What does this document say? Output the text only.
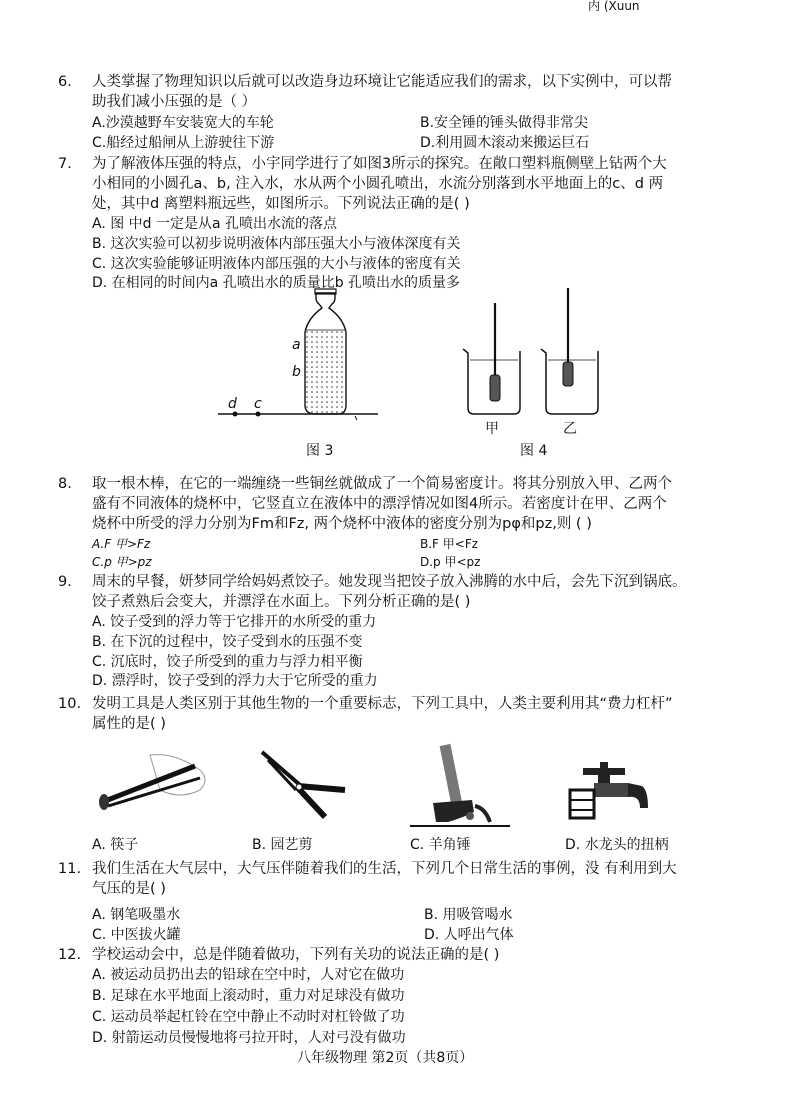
内 (Xuun
6. 人类掌握了物理知识以后就可以改造身边环境让它能适应我们的需求，以下实例中，可以帮
助我们减小压强的是（ ）
A.沙漠越野车安装宽大的车轮	B.安全锤的锤头做得非常尖
C.船经过船闸从上游驶往下游	D.利用圆木滚动来搬运巨石
7. 为了解液体压强的特点，小宇同学进行了如图3所示的探究。在敞口塑料瓶侧壁上钻两个大
小相同的小圆孔a、b, 注入水，水从两个小圆孔喷出，水流分别落到水平地面上的c、d 两
处，其中d 离塑料瓶远些，如图所示。下列说法正确的是( )
A. 图 中d 一定是从a 孔喷出水流的落点
B. 这次实验可以初步说明液体内部压强大小与液体深度有关
C. 这次实验能够证明液体内部压强的大小与液体的密度有关
D. 在相同的时间内a 孔喷出水的质量比b 孔喷出水的质量多
a
b
d c
图 3
甲	乙
图 4
8. 取一根木棒，在它的一端缠绕一些铜丝就做成了一个简易密度计。将其分别放入甲、乙两个
盛有不同液体的烧杯中，它竖直立在液体中的漂浮情况如图4所示。若密度计在甲、乙两个
烧杯中所受的浮力分别为Fm和Fz, 两个烧杯中液体的密度分别为pφ和pz,则 ( )
A.F 甲>Fz	B.F 甲<Fz
C.p 甲>pz	D.p 甲<pz
9. 周末的早餐，妍梦同学给妈妈煮饺子。她发现当把饺子放入沸腾的水中后，会先下沉到锅底。
饺子煮熟后会变大，并漂浮在水面上。下列分析正确的是( )
A. 饺子受到的浮力等于它排开的水所受的重力
B. 在下沉的过程中，饺子受到水的压强不变
C. 沉底时，饺子所受到的重力与浮力相平衡
D. 漂浮时，饺子受到的浮力大于它所受的重力
10. 发明工具是人类区别于其他生物的一个重要标志，下列工具中，人类主要利用其“费力杠杆”
属性的是( )
A. 筷子	B. 园艺剪	C. 羊角锤	D. 水龙头的扭柄
11. 我们生活在大气层中，大气压伴随着我们的生活，下列几个日常生活的事例，没 有利用到大
气压的是( )
A. 钢笔吸墨水	B. 用吸管喝水
C. 中医拔火罐	D. 人呼出气体
12. 学校运动会中，总是伴随着做功，下列有关功的说法正确的是( )
A. 被运动员扔出去的铅球在空中时，人对它在做功
B. 足球在水平地面上滚动时，重力对足球没有做功
C. 运动员举起杠铃在空中静止不动时对杠铃做了功
D. 射箭运动员慢慢地将弓拉开时，人对弓没有做功
八年级物理 第2页（共8页）
